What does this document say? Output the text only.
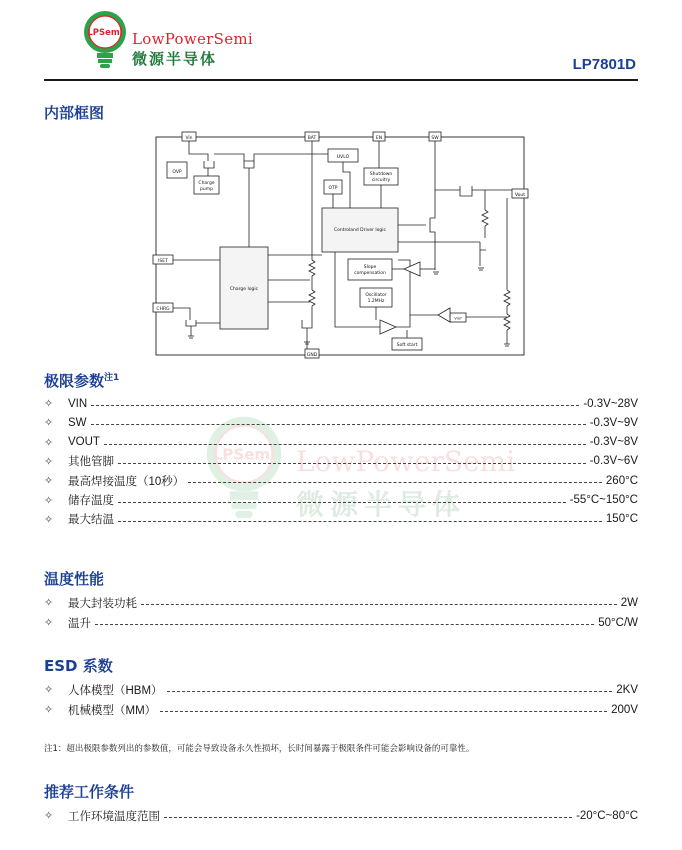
LPSemi LowPowerSemi
微源半导体	LP7801D
LPSemi LowPowerSemi
微源半导体
内部框图
Vin	BAT	EN	SW
Vout
ISET
CHRG
GND
OVP
Charge
pump
UVLO
OTP
Shutdown
circuitry
Controland Driver logic
Charge logic
Slope
compensation
Oscillator
1.2MHz
Soft start
Vref
极限参数$^{注1}$
✧	VIN	-0.3V~28V
✧	SW	-0.3V~9V
✧	VOUT	-0.3V~8V
✧	其他管脚	-0.3V~6V
✧	最高焊接温度（10秒）	260°C
✧	储存温度	-55°C~150°C
✧	最大结温	150°C
温度性能
✧	最大封装功耗	2W
✧	温升	50°C/W
ESD 系数
✧	人体模型（HBM）	2KV
✧	机械模型（MM）	200V
注1：超出极限参数列出的参数值，可能会导致设备永久性损坏，长时间暴露于极限条件可能会影响设备的可靠性。
推荐工作条件
✧	工作环境温度范围	-20°C~80°C
